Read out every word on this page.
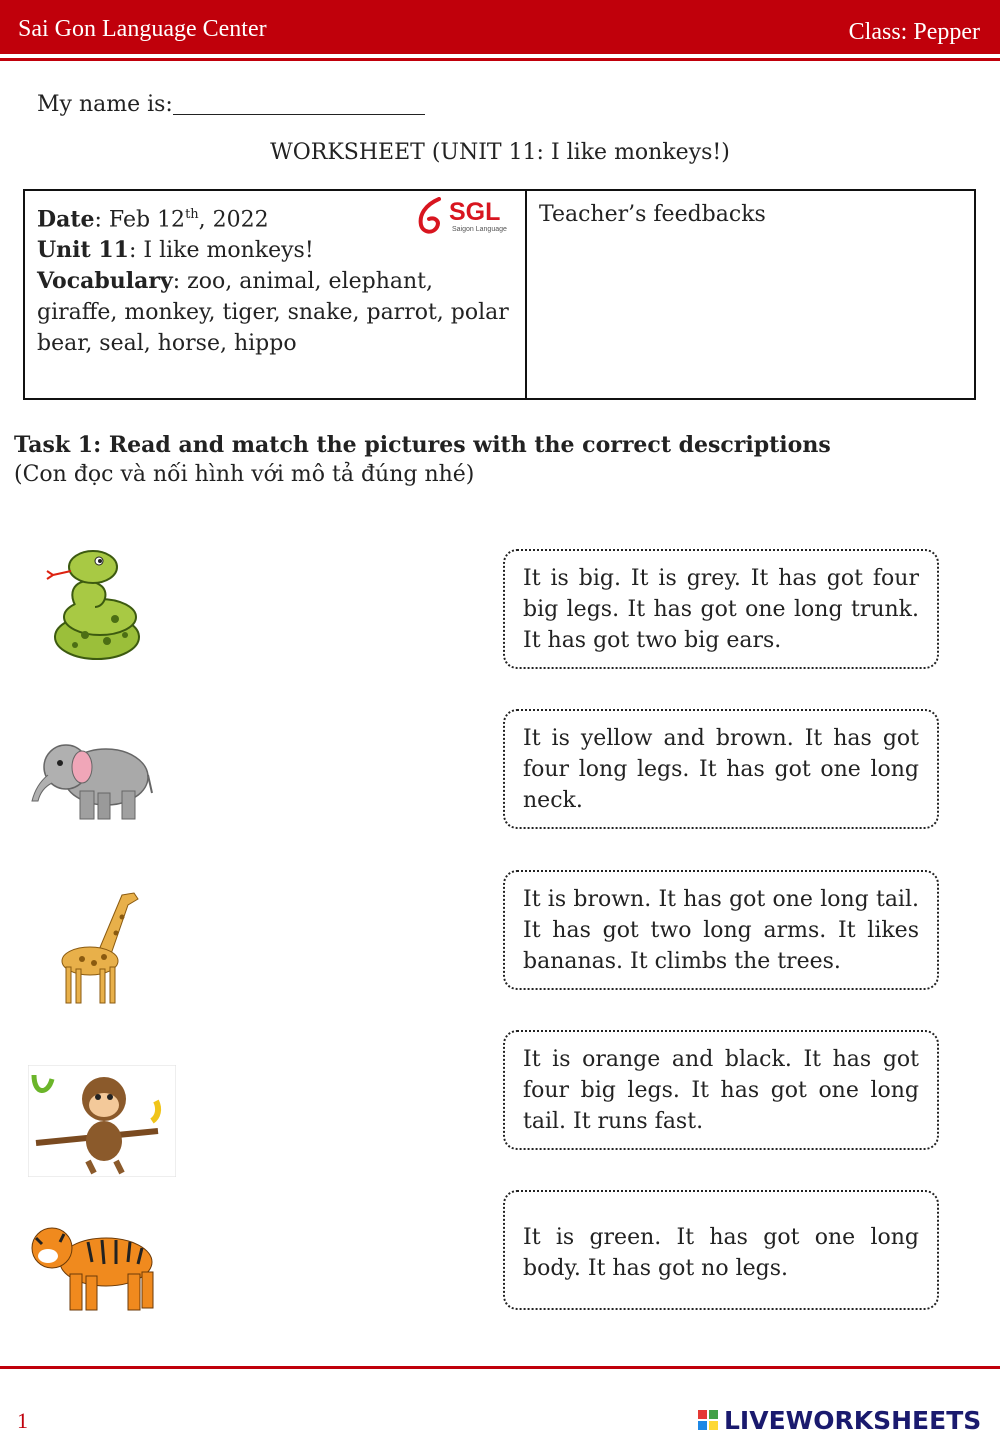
Sai Gon Language Center	Class: Pepper
My name is:
WORKSHEET (UNIT 11: I like monkeys!)
SGL
Saigon Language
Date: Feb 12th, 2022
Unit 11: I like monkeys!
Vocabulary: zoo, animal, elephant, giraffe, monkey, tiger, snake, parrot, polar bear, seal, horse, hippo

Teacher’s feedbacks
Task 1: Read and match the pictures with the correct descriptions
(Con đọc và nối hình với mô tả đúng nhé)
It is big. It is grey. It has got four big legs. It has got one long trunk. It has got two big ears.
It is yellow and brown. It has got four long legs. It has got one long neck.
It is brown. It has got one long tail. It has got two long arms. It likes bananas. It climbs the trees.
It is orange and black. It has got four big legs. It has got one long tail. It runs fast.
It is green. It has got one long body. It has got no legs.
1	LIVEWORKSHEETS
